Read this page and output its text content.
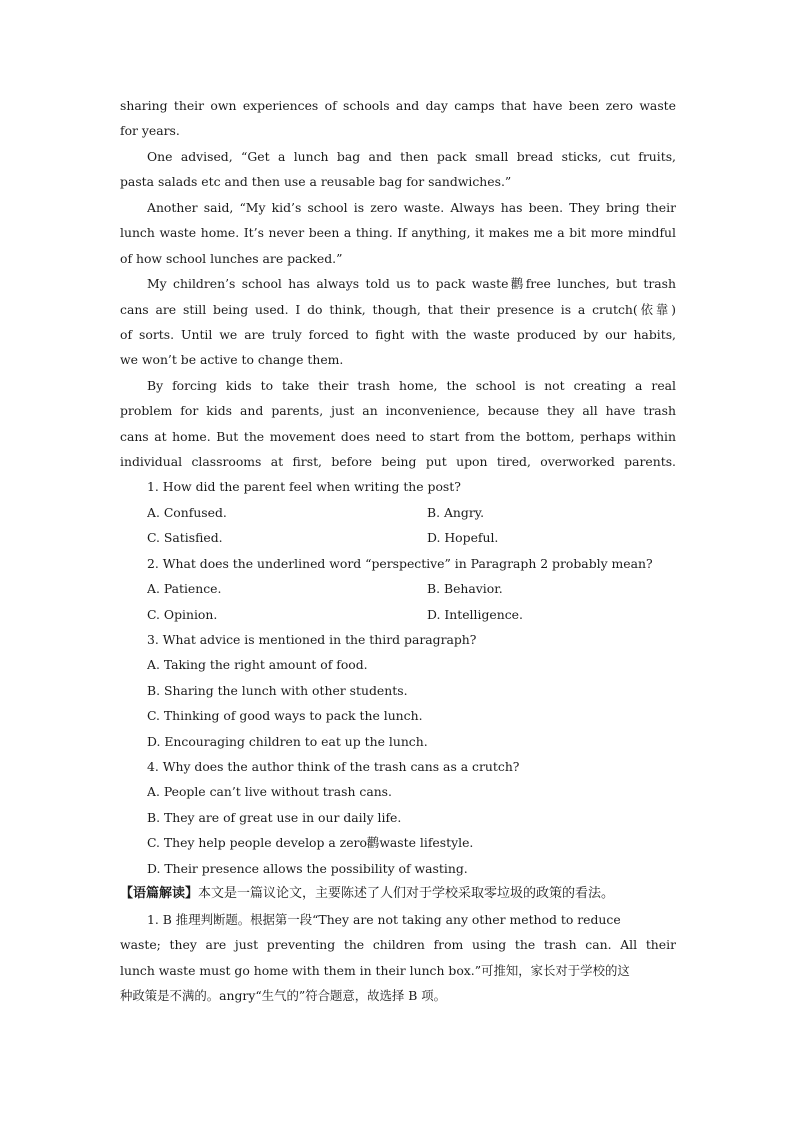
sharing their own experiences of schools and day camps that have been zero waste
for years.
One advised, “Get a lunch bag and then pack small bread sticks, cut fruits,
pasta salads etc and then use a reusable bag for sandwiches.”
Another said, “My kid’s school is zero waste. Always has been. They bring their
lunch waste home. It’s never been a thing. If anything, it makes me a bit more mindful
of how school lunches are packed.”
My children’s school has always told us to pack waste鹳free lunches, but trash
cans are still being used. I do think, though, that their presence is a crutch(依靠)
of sorts. Until we are truly forced to fight with the waste produced by our habits,
we won’t be active to change them.
By forcing kids to take their trash home, the school is not creating a real
problem for kids and parents, just an inconvenience, because they all have trash
cans at home. But the movement does need to start from the bottom, perhaps within
individual classrooms at first, before being put upon tired, overworked parents.
1. How did the parent feel when writing the post?
A. Confused.	B. Angry.
C. Satisfied.	D. Hopeful.
2. What does the underlined word “perspective” in Paragraph 2 probably mean?
A. Patience.	B. Behavior.
C. Opinion.	D. Intelligence.
3. What advice is mentioned in the third paragraph?
A. Taking the right amount of food.
B. Sharing the lunch with other students.
C. Thinking of good ways to pack the lunch.
D. Encouraging children to eat up the lunch.
4. Why does the author think of the trash cans as a crutch?
A. People can’t live without trash cans.
B. They are of great use in our daily life.
C. They help people develop a zero鹳waste lifestyle.
D. Their presence allows the possibility of wasting.
【语篇解读】本文是一篇议论文，主要陈述了人们对于学校采取零垃圾的政策的看法。
1. B 推理判断题。根据第一段“They are not taking any other method to reduce
waste; they are just preventing the children from using the trash can. All their
lunch waste must go home with them in their lunch box.”可推知，家长对于学校的这
种政策是不满的。angry“生气的”符合题意，故选择 B 项。
